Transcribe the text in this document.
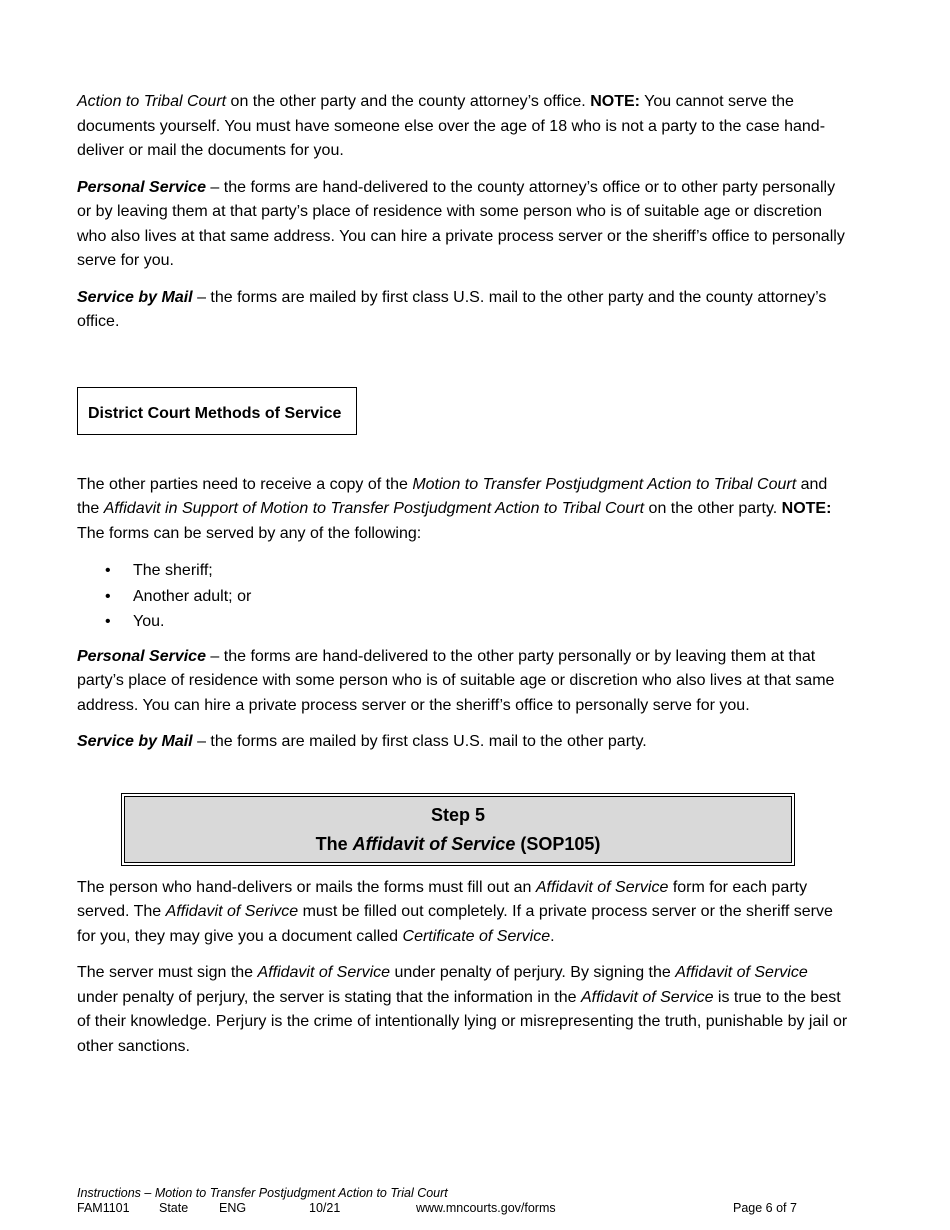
Action to Tribal Court on the other party and the county attorney’s office. NOTE: You cannot serve the documents yourself. You must have someone else over the age of 18 who is not a party to the case hand-deliver or mail the documents for you.

Personal Service – the forms are hand-delivered to the county attorney’s office or to other party personally or by leaving them at that party’s place of residence with some person who is of suitable age or discretion who also lives at that same address. You can hire a private process server or the sheriff’s office to personally serve for you.

Service by Mail – the forms are mailed by first class U.S. mail to the other party and the county attorney’s office.

District Court Methods of Service

The other parties need to receive a copy of the Motion to Transfer Postjudgment Action to Tribal Court and the Affidavit in Support of Motion to Transfer Postjudgment Action to Tribal Court on the other party. NOTE: The forms can be served by any of the following:

• The sheriff;
• Another adult; or
• You.

Personal Service – the forms are hand-delivered to the other party personally or by leaving them at that party’s place of residence with some person who is of suitable age or discretion who also lives at that same address. You can hire a private process server or the sheriff’s office to personally serve for you.

Service by Mail – the forms are mailed by first class U.S. mail to the other party.

Step 5
The Affidavit of Service (SOP105)

The person who hand-delivers or mails the forms must fill out an Affidavit of Service form for each party served. The Affidavit of Serivce must be filled out completely. If a private process server or the sheriff serve for you, they may give you a document called Certificate of Service.

The server must sign the Affidavit of Service under penalty of perjury. By signing the Affidavit of Service under penalty of perjury, the server is stating that the information in the Affidavit of Service is true to the best of their knowledge. Perjury is the crime of intentionally lying or misrepresenting the truth, punishable by jail or other sanctions.

Instructions – Motion to Transfer Postjudgment Action to Trial Court
FAM1101 State ENG	10/21	www.mncourts.gov/forms	Page 6 of 7
